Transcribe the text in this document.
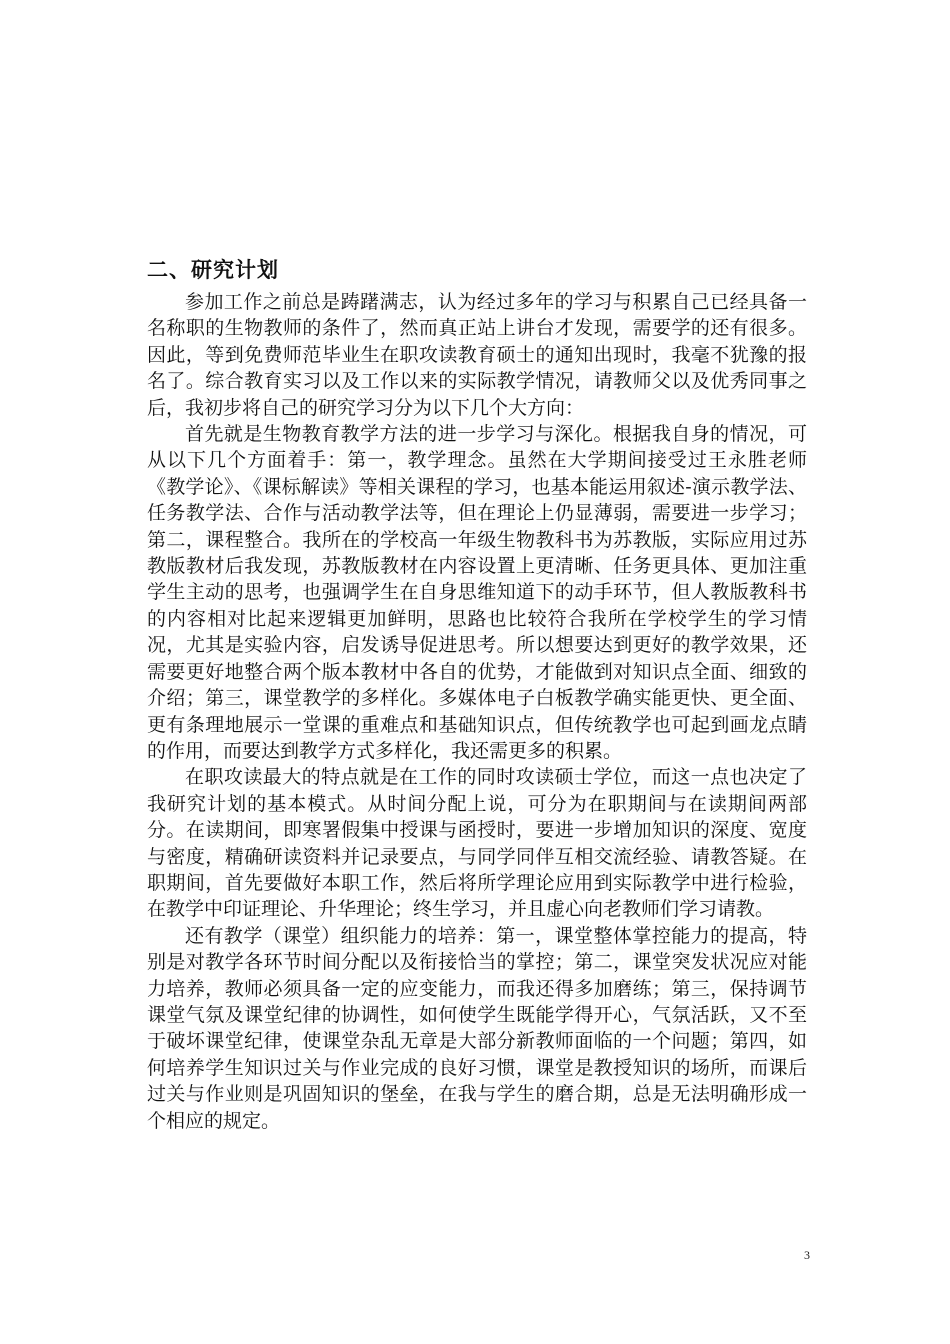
二、研究计划

参加工作之前总是踌躇满志，认为经过多年的学习与积累自己已经具备一名称职的生物教师的条件了，然而真正站上讲台才发现，需要学的还有很多。因此，等到免费师范毕业生在职攻读教育硕士的通知出现时，我毫不犹豫的报名了。综合教育实习以及工作以来的实际教学情况，请教师父以及优秀同事之后，我初步将自己的研究学习分为以下几个大方向：

首先就是生物教育教学方法的进一步学习与深化。根据我自身的情况，可从以下几个方面着手：第一，教学理念。虽然在大学期间接受过王永胜老师《教学论》、《课标解读》等相关课程的学习，也基本能运用叙述-演示教学法、任务教学法、合作与活动教学法等，但在理论上仍显薄弱，需要进一步学习；第二，课程整合。我所在的学校高一年级生物教科书为苏教版，实际应用过苏教版教材后我发现，苏教版教材在内容设置上更清晰、任务更具体、更加注重学生主动的思考，也强调学生在自身思维知道下的动手环节，但人教版教科书的内容相对比起来逻辑更加鲜明，思路也比较符合我所在学校学生的学习情况，尤其是实验内容，启发诱导促进思考。所以想要达到更好的教学效果，还需要更好地整合两个版本教材中各自的优势，才能做到对知识点全面、细致的介绍；第三，课堂教学的多样化。多媒体电子白板教学确实能更快、更全面、更有条理地展示一堂课的重难点和基础知识点，但传统教学也可起到画龙点睛的作用，而要达到教学方式多样化，我还需更多的积累。

在职攻读最大的特点就是在工作的同时攻读硕士学位，而这一点也决定了我研究计划的基本模式。从时间分配上说，可分为在职期间与在读期间两部分。在读期间，即寒署假集中授课与函授时，要进一步增加知识的深度、宽度与密度，精确研读资料并记录要点，与同学同伴互相交流经验、请教答疑。在职期间，首先要做好本职工作，然后将所学理论应用到实际教学中进行检验，在教学中印证理论、升华理论；终生学习，并且虚心向老教师们学习请教。

还有教学（课堂）组织能力的培养：第一，课堂整体掌控能力的提高，特别是对教学各环节时间分配以及衔接恰当的掌控；第二，课堂突发状况应对能力培养，教师必须具备一定的应变能力，而我还得多加磨练；第三，保持调节课堂气氛及课堂纪律的协调性，如何使学生既能学得开心，气氛活跃，又不至于破坏课堂纪律，使课堂杂乱无章是大部分新教师面临的一个问题；第四，如何培养学生知识过关与作业完成的良好习惯，课堂是教授知识的场所，而课后过关与作业则是巩固知识的堡垒，在我与学生的磨合期，总是无法明确形成一个相应的规定。

3
